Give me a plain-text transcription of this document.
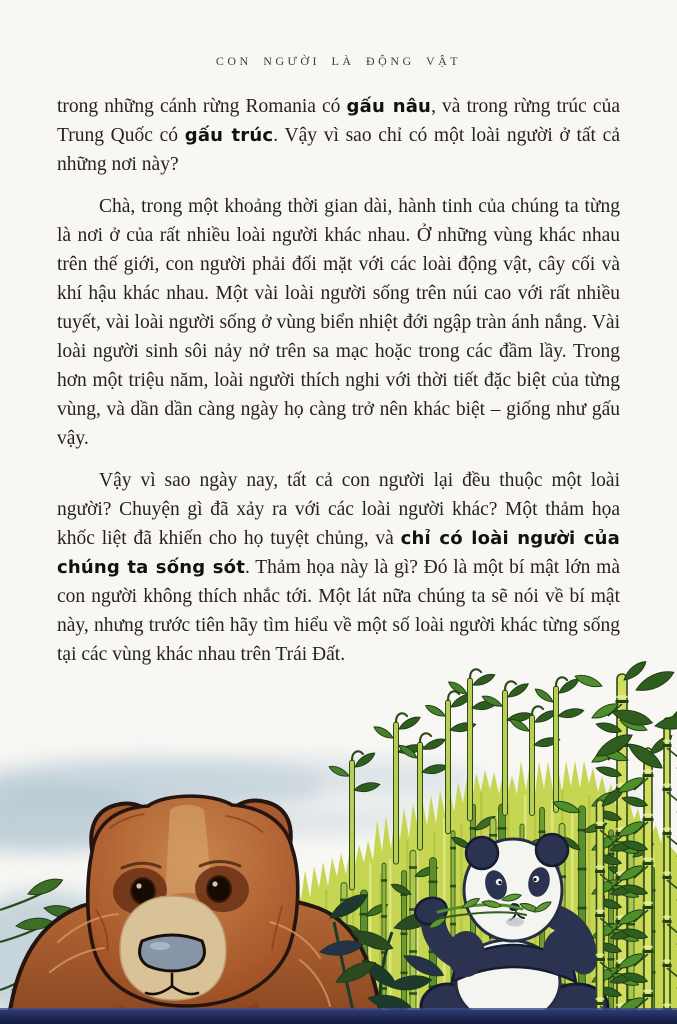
CON NGƯỜI LÀ ĐỘNG VẬT

trong những cánh rừng Romania có gấu nâu, và trong rừng trúc của Trung Quốc có gấu trúc. Vậy vì sao chỉ có một loài người ở tất cả những nơi này?

Chà, trong một khoảng thời gian dài, hành tinh của chúng ta từng là nơi ở của rất nhiều loài người khác nhau. Ở những vùng khác nhau trên thế giới, con người phải đối mặt với các loài động vật, cây cối và khí hậu khác nhau. Một vài loài người sống trên núi cao với rất nhiều tuyết, vài loài người sống ở vùng biển nhiệt đới ngập tràn ánh nắng. Vài loài người sinh sôi nảy nở trên sa mạc hoặc trong các đầm lầy. Trong hơn một triệu năm, loài người thích nghi với thời tiết đặc biệt của từng vùng, và dần dần càng ngày họ càng trở nên khác biệt – giống như gấu vậy.

Vậy vì sao ngày nay, tất cả con người lại đều thuộc một loài người? Chuyện gì đã xảy ra với các loài người khác? Một thảm họa khốc liệt đã khiến cho họ tuyệt chủng, và chỉ có loài người của chúng ta sống sót. Thảm họa này là gì? Đó là một bí mật lớn mà con người không thích nhắc tới. Một lát nữa chúng ta sẽ nói về bí mật này, nhưng trước tiên hãy tìm hiểu về một số loài người khác từng sống tại các vùng khác nhau trên Trái Đất.
